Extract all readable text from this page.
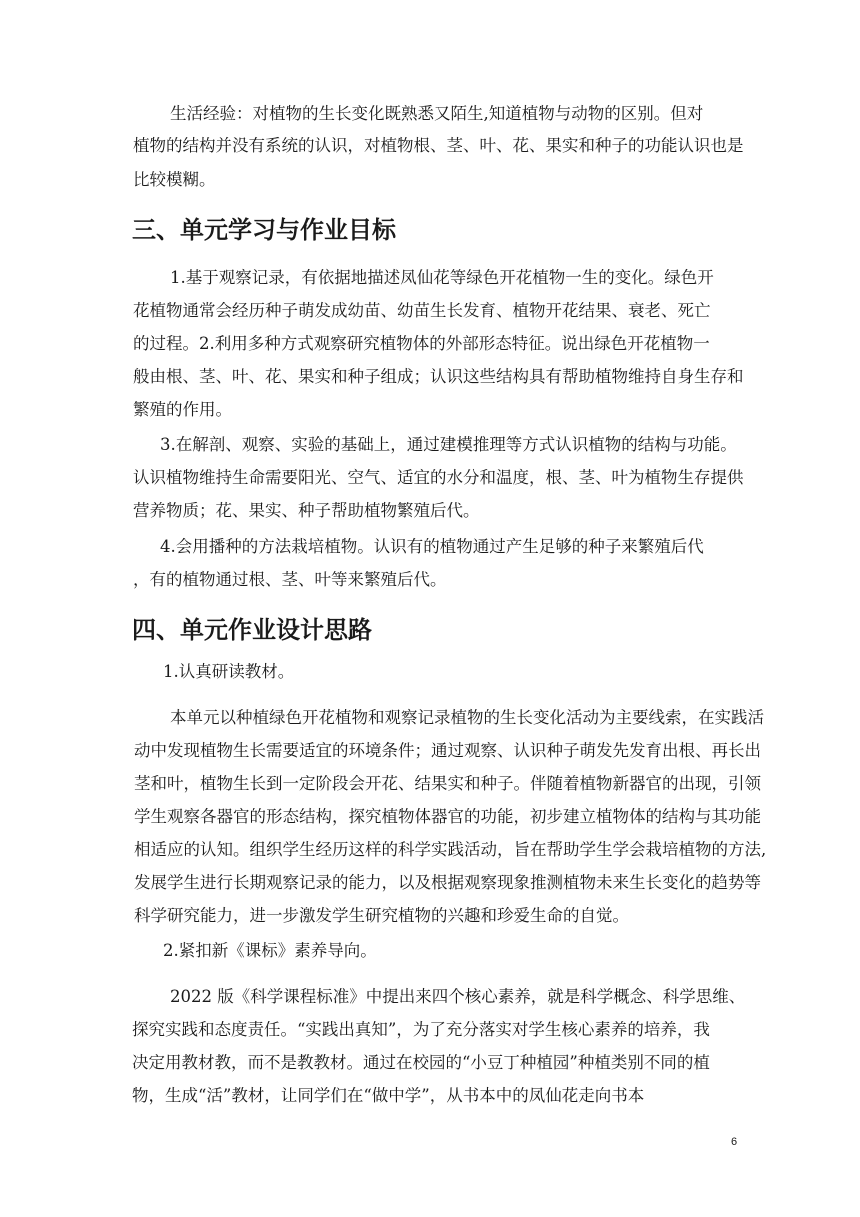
生活经验：对植物的生长变化既熟悉又陌生,知道植物与动物的区别。但对
植物的结构并没有系统的认识，对植物根、茎、叶、花、果实和种子的功能认识也是
比较模糊。
三、单元学习与作业目标
1.基于观察记录，有依据地描述凤仙花等绿色开花植物一生的变化。绿色开
花植物通常会经历种子萌发成幼苗、幼苗生长发育、植物开花结果、衰老、死亡
的过程。2.利用多种方式观察研究植物体的外部形态特征。说出绿色开花植物一
般由根、茎、叶、花、果实和种子组成；认识这些结构具有帮助植物维持自身生存和
繁殖的作用。
3.在解剖、观察、实验的基础上，通过建模推理等方式认识植物的结构与功能。
认识植物维持生命需要阳光、空气、适宜的水分和温度，根、茎、叶为植物生存提供
营养物质；花、果实、种子帮助植物繁殖后代。
4.会用播种的方法栽培植物。认识有的植物通过产生足够的种子来繁殖后代
，有的植物通过根、茎、叶等来繁殖后代。
四、单元作业设计思路
1.认真研读教材。
本单元以种植绿色开花植物和观察记录植物的生长变化活动为主要线索，在实践活
动中发现植物生长需要适宜的环境条件；通过观察、认识种子萌发先发育出根、再长出
茎和叶，植物生长到一定阶段会开花、结果实和种子。伴随着植物新器官的出现，引领
学生观察各器官的形态结构，探究植物体器官的功能，初步建立植物体的结构与其功能
相适应的认知。组织学生经历这样的科学实践活动，旨在帮助学生学会栽培植物的方法,
发展学生进行长期观察记录的能力，以及根据观察现象推测植物未来生长变化的趋势等
科学研究能力，进一步激发学生研究植物的兴趣和珍爱生命的自觉。
2.紧扣新《课标》素养导向。
2022 版《科学课程标准》中提出来四个核心素养，就是科学概念、科学思维、
探究实践和态度责任。“实践出真知”，为了充分落实对学生核心素养的培养，我
决定用教材教，而不是教教材。通过在校园的“小豆丁种植园”种植类别不同的植
物，生成“活”教材，让同学们在“做中学”，从书本中的凤仙花走向书本
6
